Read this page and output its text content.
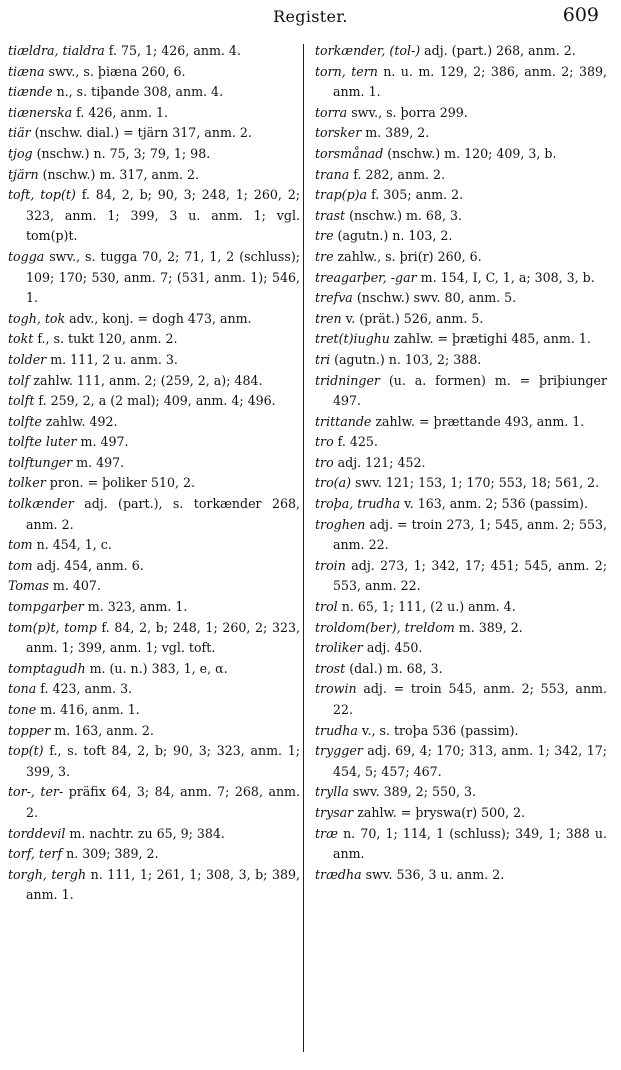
Register.	609
tiældra, tialdra f. 75, 1; 426, anm. 4.
tiæna swv., s. þiæna 260, 6.
tiænde n., s. tiþande 308, anm. 4.
tiænerska f. 426, anm. 1.
tiär (nschw. dial.) = tjärn 317, anm. 2.
tjog (nschw.) n. 75, 3; 79, 1; 98.
tjärn (nschw.) m. 317, anm. 2.
toft, top(t) f. 84, 2, b; 90, 3; 248, 1; 260, 2; 323, anm. 1; 399, 3 u. anm. 1; vgl. tom(p)t.
togga swv., s. tugga 70, 2; 71, 1, 2 (schluss); 109; 170; 530, anm. 7; (531, anm. 1); 546, 1.
togh, tok adv., konj. = dogh 473, anm.
tokt f., s. tukt 120, anm. 2.
tolder m. 111, 2 u. anm. 3.
tolf zahlw. 111, anm. 2; (259, 2, a); 484.
tolft f. 259, 2, a (2 mal); 409, anm. 4; 496.
tolfte zahlw. 492.
tolfte luter m. 497.
tolftunger m. 497.
tolker pron. = þoliker 510, 2.
tolkænder adj. (part.), s. torkænder 268, anm. 2.
tom n. 454, 1, c.
tom adj. 454, anm. 6.
Tomas m. 407.
tompgarþer m. 323, anm. 1.
tom(p)t, tomp f. 84, 2, b; 248, 1; 260, 2; 323, anm. 1; 399, anm. 1; vgl. toft.
tomptagudh m. (u. n.) 383, 1, e, α.
tona f. 423, anm. 3.
tone m. 416, anm. 1.
topper m. 163, anm. 2.
top(t) f., s. toft 84, 2, b; 90, 3; 323, anm. 1; 399, 3.
tor-, ter- präfix 64, 3; 84, anm. 7; 268, anm. 2.
torddevil m. nachtr. zu 65, 9; 384.
torf, terf n. 309; 389, 2.
torgh, tergh n. 111, 1; 261, 1; 308, 3, b; 389, anm. 1.
torkænder, (tol-) adj. (part.) 268, anm. 2.
torn, tern n. u. m. 129, 2; 386, anm. 2; 389, anm. 1.
torra swv., s. þorra 299.
torsker m. 389, 2.
torsmånad (nschw.) m. 120; 409, 3, b.
trana f. 282, anm. 2.
trap(p)a f. 305; anm. 2.
trast (nschw.) m. 68, 3.
tre (agutn.) n. 103, 2.
tre zahlw., s. þri(r) 260, 6.
treagarþer, -gar m. 154, I, C, 1, a; 308, 3, b.
trefva (nschw.) swv. 80, anm. 5.
tren v. (prät.) 526, anm. 5.
tret(t)iughu zahlw. = þrætighi 485, anm. 1.
tri (agutn.) n. 103, 2; 388.
tridninger (u. a. formen) m. = þriþiunger 497.
trittande zahlw. = þrættande 493, anm. 1.
tro f. 425.
tro adj. 121; 452.
tro(a) swv. 121; 153, 1; 170; 553, 18; 561, 2.
troþa, trudha v. 163, anm. 2; 536 (passim).
troghen adj. = troin 273, 1; 545, anm. 2; 553, anm. 22.
troin adj. 273, 1; 342, 17; 451; 545, anm. 2; 553, anm. 22.
trol n. 65, 1; 111, (2 u.) anm. 4.
troldom(ber), treldom m. 389, 2.
troliker adj. 450.
trost (dal.) m. 68, 3.
trowin adj. = troin 545, anm. 2; 553, anm. 22.
trudha v., s. troþa 536 (passim).
trygger adj. 69, 4; 170; 313, anm. 1; 342, 17; 454, 5; 457; 467.
trylla swv. 389, 2; 550, 3.
trysar zahlw. = þryswa(r) 500, 2.
træ n. 70, 1; 114, 1 (schluss); 349, 1; 388 u. anm.
trædha swv. 536, 3 u. anm. 2.
